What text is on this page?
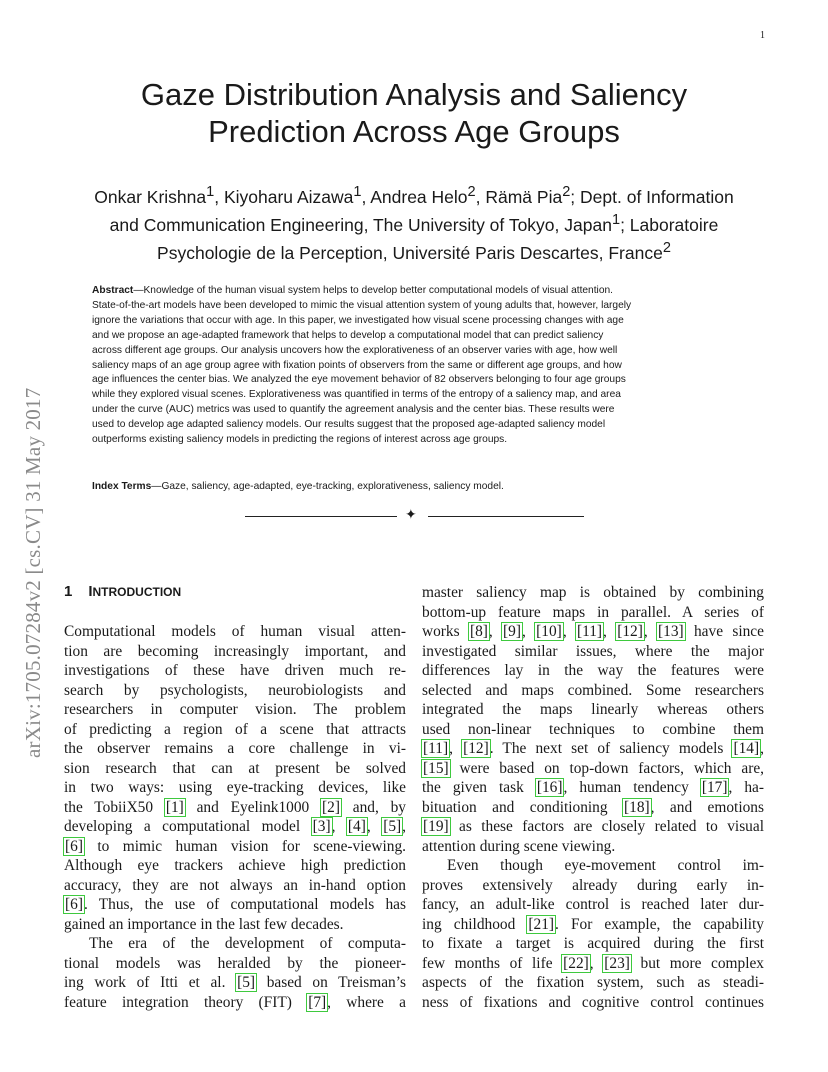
1
arXiv:1705.07284v2 [cs.CV] 31 May 2017
Gaze Distribution Analysis and Saliency
Prediction Across Age Groups
Onkar Krishna$^1$, Kiyoharu Aizawa$^1$, Andrea Helo$^2$, Rämä Pia$^2$; Dept. of Information
and Communication Engineering, The University of Tokyo, Japan$^1$; Laboratoire
Psychologie de la Perception, Université Paris Descartes, France$^2$
Abstract—Knowledge of the human visual system helps to develop better computational models of visual attention.
State-of-the-art models have been developed to mimic the visual attention system of young adults that, however, largely
ignore the variations that occur with age. In this paper, we investigated how visual scene processing changes with age
and we propose an age-adapted framework that helps to develop a computational model that can predict saliency
across different age groups. Our analysis uncovers how the explorativeness of an observer varies with age, how well
saliency maps of an age group agree with fixation points of observers from the same or different age groups, and how
age influences the center bias. We analyzed the eye movement behavior of 82 observers belonging to four age groups
while they explored visual scenes. Explorativeness was quantified in terms of the entropy of a saliency map, and area
under the curve (AUC) metrics was used to quantify the agreement analysis and the center bias. These results were
used to develop age adapted saliency models. Our results suggest that the proposed age-adapted saliency model
outperforms existing saliency models in predicting the regions of interest across age groups.
Index Terms—Gaze, saliency, age-adapted, eye-tracking, explorativeness, saliency model.
✦
1 INTRODUCTION
Computational models of human visual atten-
tion are becoming increasingly important, and
investigations of these have driven much re-
search by psychologists, neurobiologists and
researchers in computer vision. The problem
of predicting a region of a scene that attracts
the observer remains a core challenge in vi-
sion research that can at present be solved
in two ways: using eye-tracking devices, like
the TobiiX50 [1] and Eyelink1000 [2] and, by
developing a computational model [3], [4], [5],
[6] to mimic human vision for scene-viewing.
Although eye trackers achieve high prediction
accuracy, they are not always an in-hand option
[6]. Thus, the use of computational models has
gained an importance in the last few decades.
The era of the development of computa-
tional models was heralded by the pioneer-
ing work of Itti et al. [5] based on Treisman’s
feature integration theory (FIT) [7], where a
master saliency map is obtained by combining
bottom-up feature maps in parallel. A series of
works [8], [9], [10], [11], [12], [13] have since
investigated similar issues, where the major
differences lay in the way the features were
selected and maps combined. Some researchers
integrated the maps linearly whereas others
used non-linear techniques to combine them
[11], [12]. The next set of saliency models [14],
[15] were based on top-down factors, which are,
the given task [16], human tendency [17], ha-
bituation and conditioning [18], and emotions
[19] as these factors are closely related to visual
attention during scene viewing.
Even though eye-movement control im-
proves extensively already during early in-
fancy, an adult-like control is reached later dur-
ing childhood [21]. For example, the capability
to fixate a target is acquired during the first
few months of life [22], [23] but more complex
aspects of the fixation system, such as steadi-
ness of fixations and cognitive control continues
